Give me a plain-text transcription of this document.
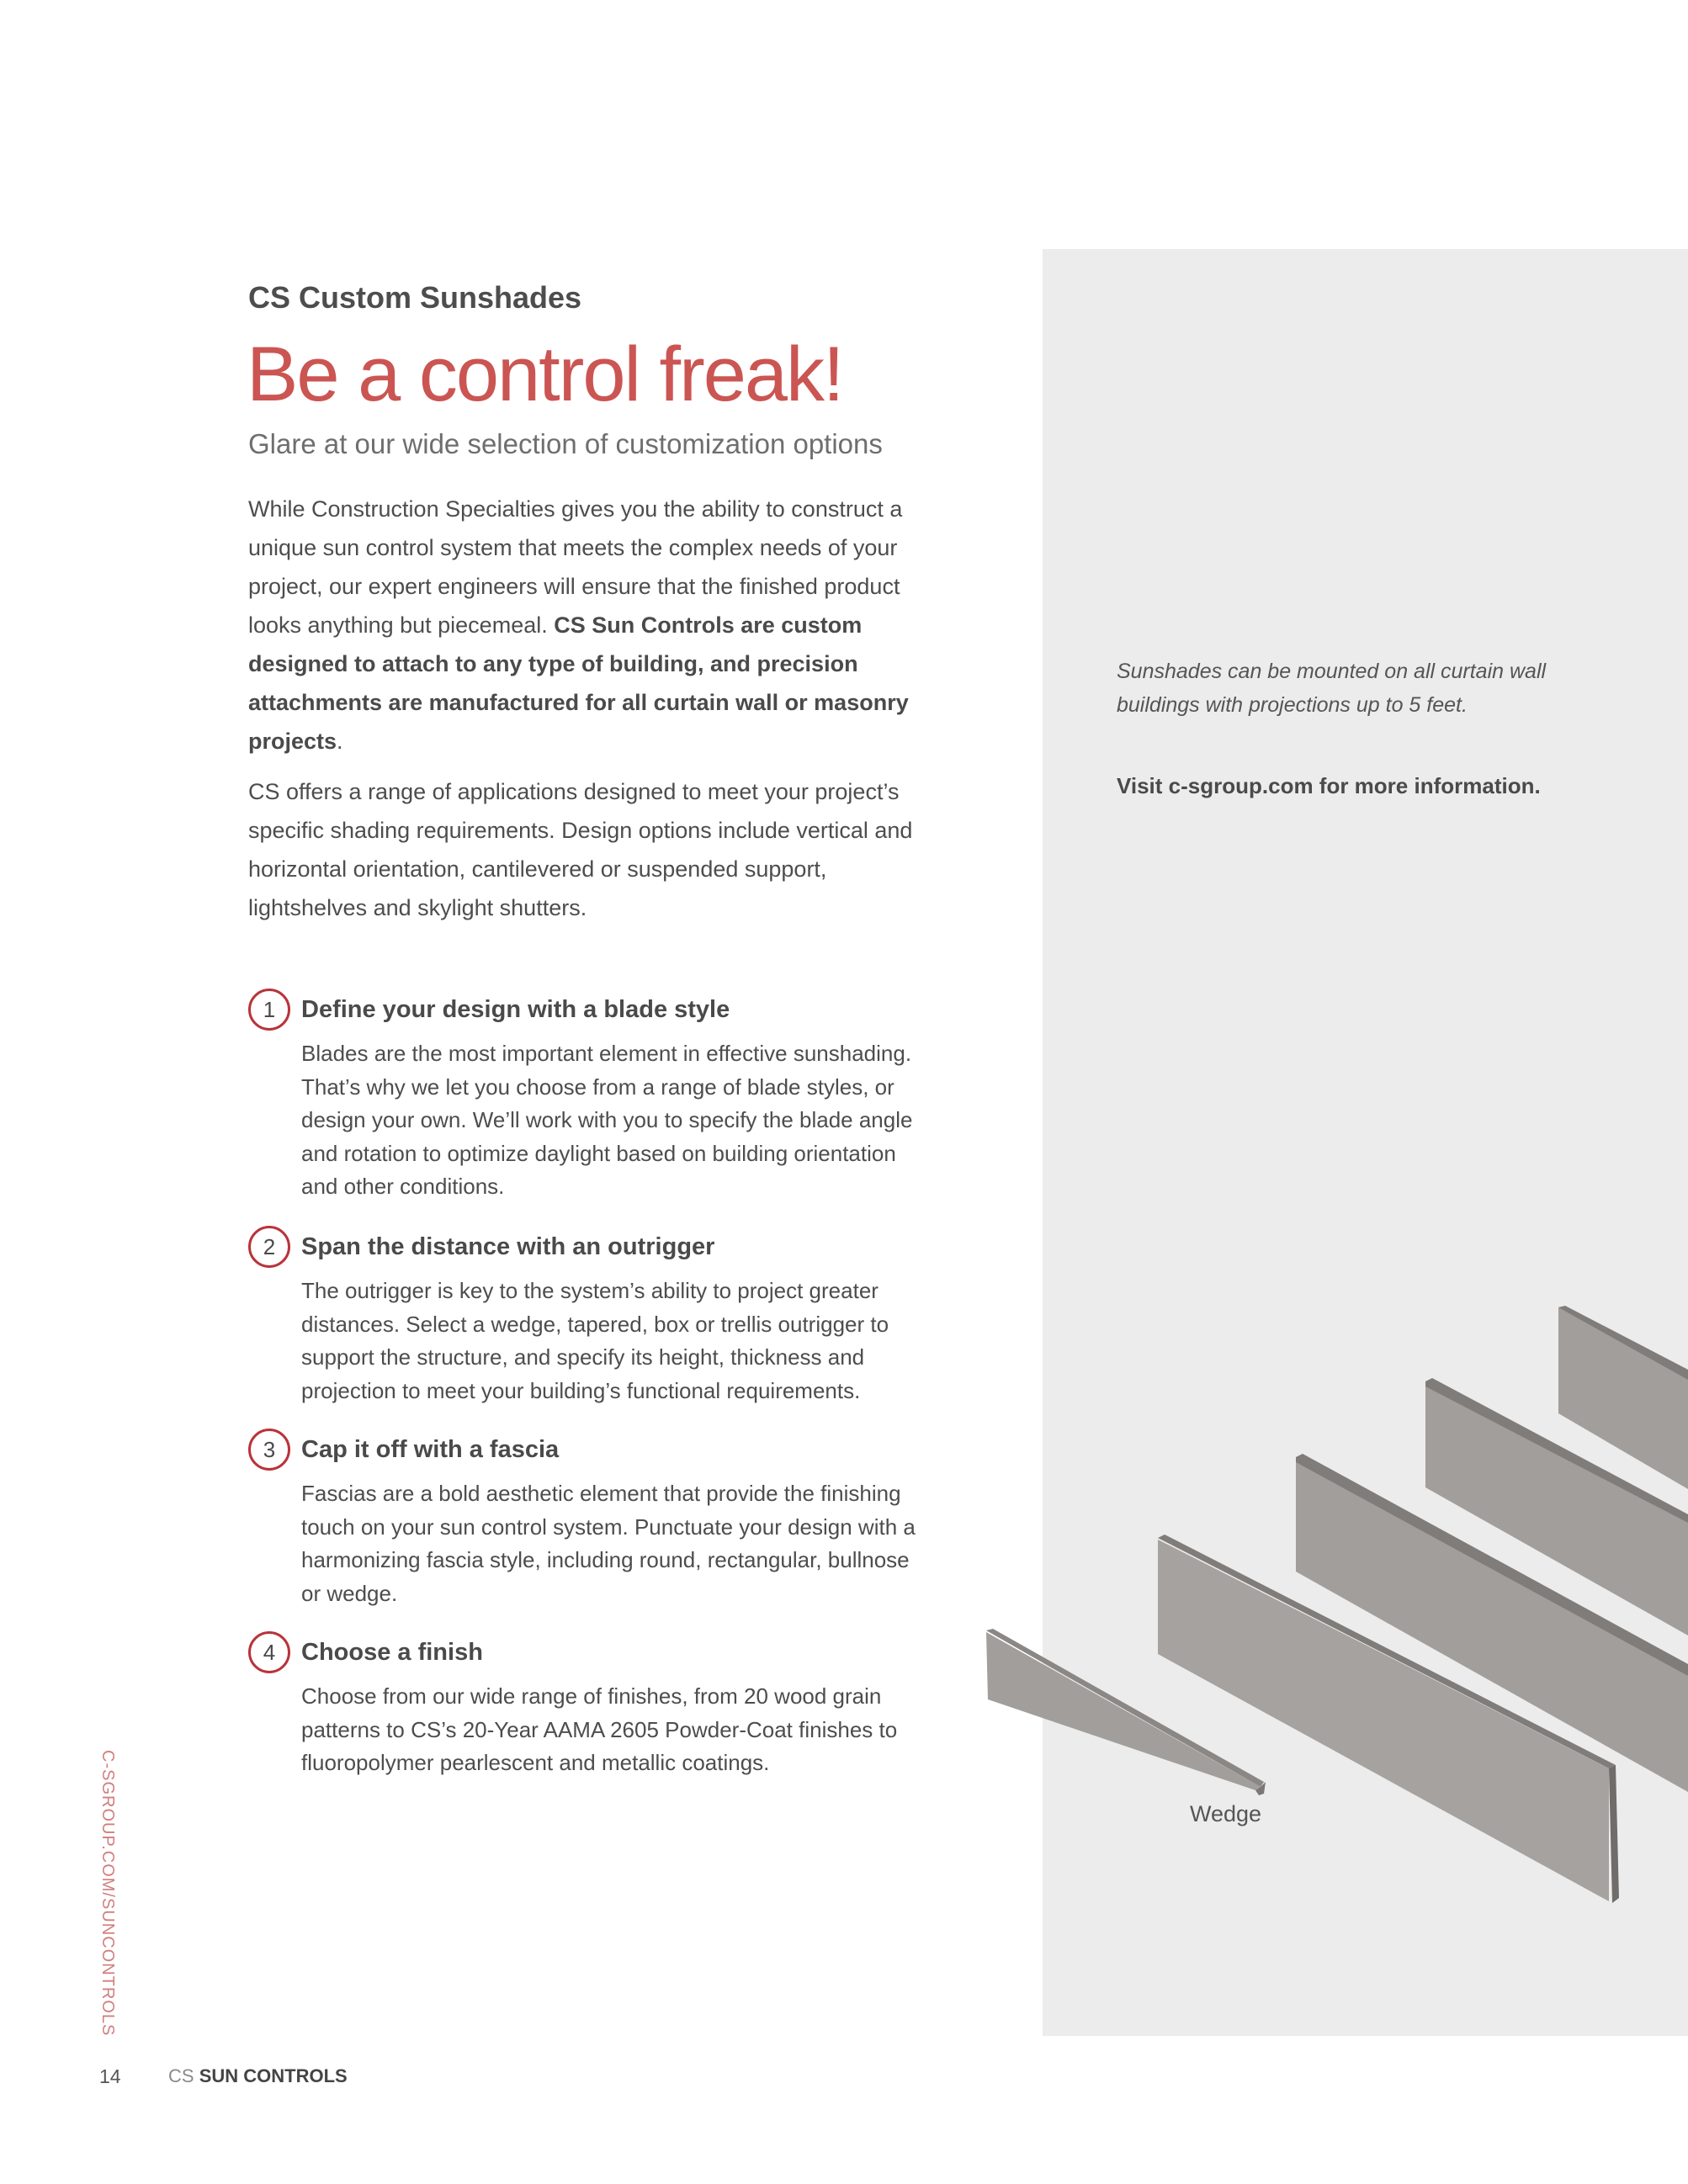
CS Custom Sunshades
Be a control freak!
Glare at our wide selection of customization options
While Construction Specialties gives you the ability to construct a unique sun control system that meets the complex needs of your project, our expert engineers will ensure that the finished product looks anything but piecemeal. CS Sun Controls are custom designed to attach to any type of building, and precision attachments are manufactured for all curtain wall or masonry projects.
CS offers a range of applications designed to meet your project’s specific shading requirements. Design options include vertical and horizontal orientation, cantilevered or suspended support, lightshelves and skylight shutters.
1	Define your design with a blade style
Blades are the most important element in effective sunshading. That’s why we let you choose from a range of blade styles, or design your own. We’ll work with you to specify the blade angle and rotation to optimize daylight based on building orientation and other conditions.
2	Span the distance with an outrigger
The outrigger is key to the system’s ability to project greater distances. Select a wedge, tapered, box or trellis outrigger to support the structure, and specify its height, thickness and projection to meet your building’s functional requirements.
3	Cap it off with a fascia
Fascias are a bold aesthetic element that provide the finishing touch on your sun control system. Punctuate your design with a harmonizing fascia style, including round, rectangular, bullnose or wedge.
4	Choose a finish
Choose from our wide range of finishes, from 20 wood grain patterns to CS’s 20-Year AAMA 2605 Powder-Coat finishes to fluoropolymer pearlescent and metallic coatings.
Sunshades can be mounted on all curtain wall buildings with projections up to 5 feet.
Visit c-sgroup.com for more information.
Wedge
C-SGROUP.COM/SUNCONTROLS
14	CS SUN CONTROLS
